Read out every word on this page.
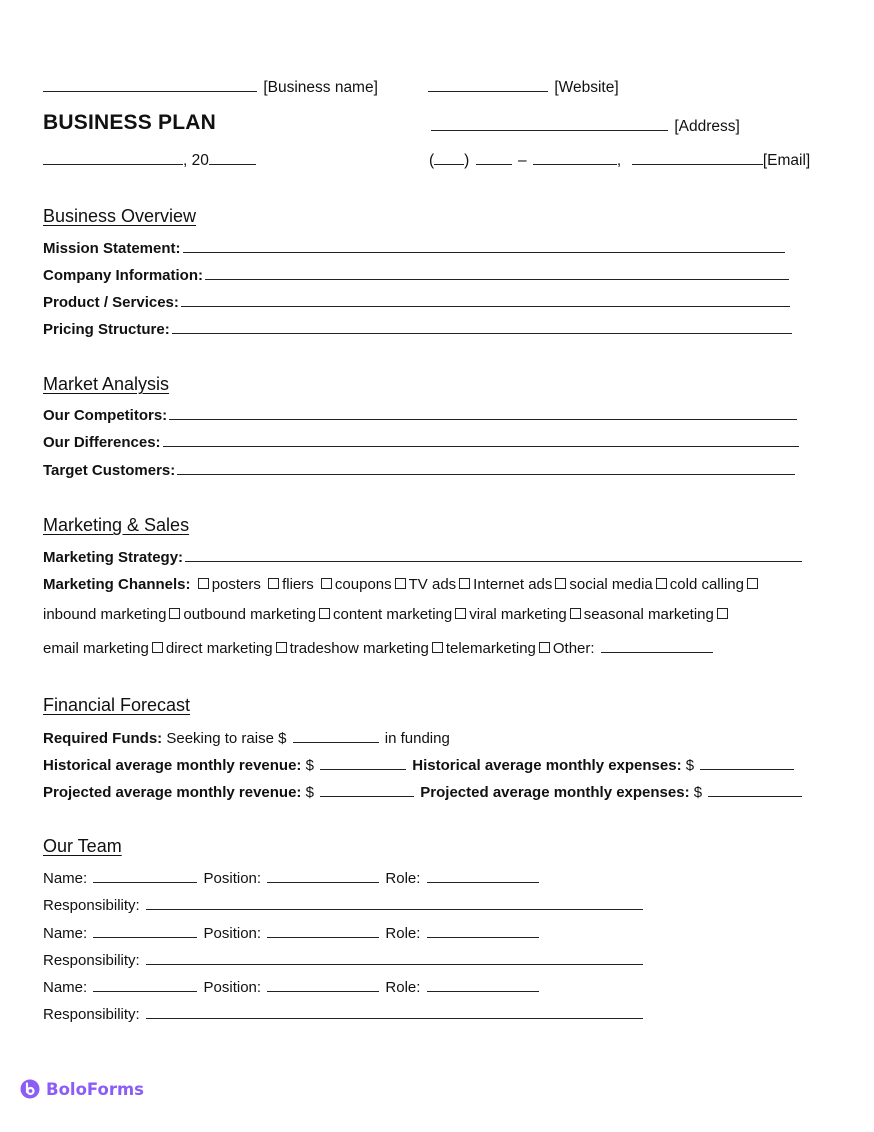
[Business name]	[Website]
BUSINESS PLAN	[Address]
, 20	( )	–	,	[Email]
Business Overview
Mission Statement:
Company Information:
Product / Services:
Pricing Structure:
Market Analysis
Our Competitors:
Our Differences:
Target Customers:
Marketing & Sales
Marketing Strategy:
Marketing Channels: posters fliers coupons TV ads Internet ads social media cold calling
inbound marketing outbound marketing content marketing viral marketing seasonal marketing
email marketing direct marketing tradeshow marketing telemarketing Other:
Financial Forecast
Required Funds: Seeking to raise $	in funding
Historical average monthly revenue: $	Historical average monthly expenses: $
Projected average monthly revenue: $	Projected average monthly expenses: $
Our Team
Name:	Position:	Role:
Responsibility:
Name:	Position:	Role:
Responsibility:
Name:	Position:	Role:
Responsibility:
BoloForms
